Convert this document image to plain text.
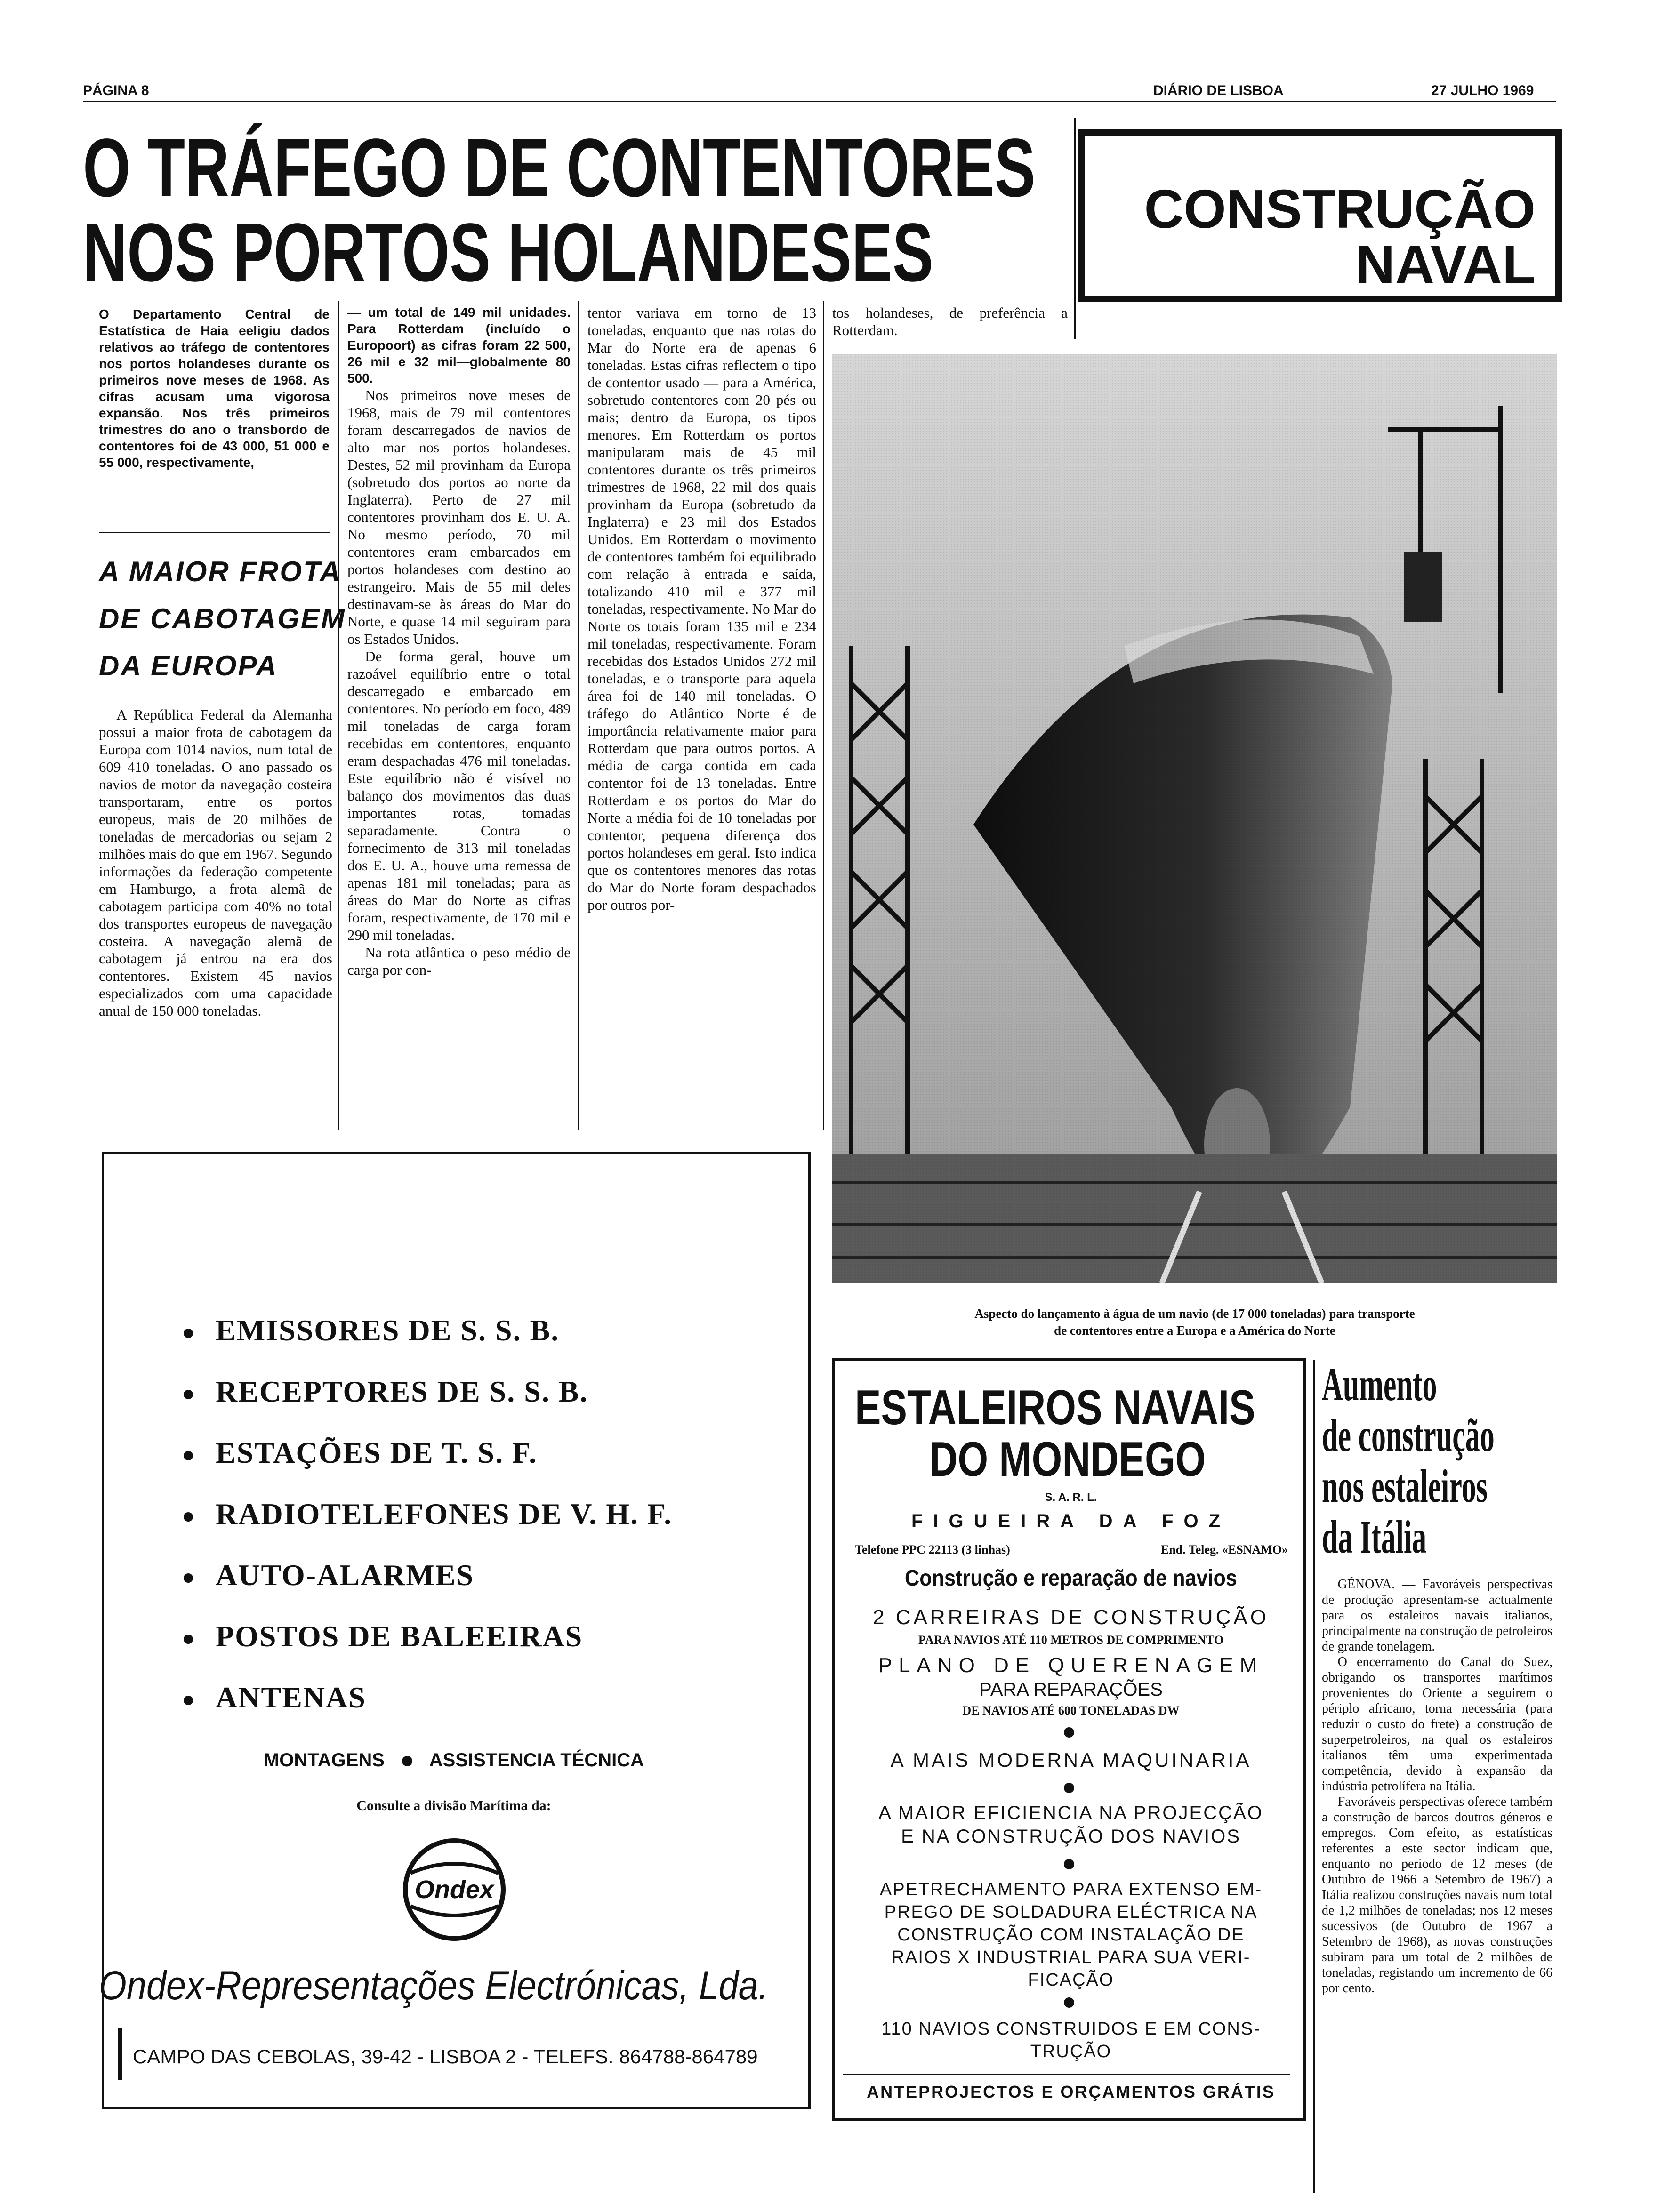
PÁGINA 8	DIÁRIO DE LISBOA	27 JULHO 1969
O TRÁFEGO DE CONTENTORES
NOS PORTOS HOLANDESES	CONSTRUÇÃO
NAVAL
O Departamento Central de Estatística de Haia eeligiu dados relativos ao tráfego de contentores nos portos holandeses durante os primeiros nove meses de 1968. As cifras acusam uma vigorosa expansão. Nos três primeiros trimestres do ano o transbordo de contentores foi de 43 000, 51 000 e 55 000, respectivamente,
A MAIOR FROTA
DE CABOTAGEM
DA EUROPA

A República Federal da Alemanha possui a maior frota de cabotagem da Europa com 1014 navios, num total de 609 410 toneladas. O ano passado os navios de motor da navegação costeira transportaram, entre os portos europeus, mais de 20 milhões de toneladas de mercadorias ou sejam 2 milhões mais do que em 1967. Segundo informações da federação competente em Hamburgo, a frota alemã de cabotagem participa com 40% no total dos transportes europeus de navegação costeira. A navegação alemã de cabotagem já entrou na era dos contentores. Existem 45 navios especializados com uma capacidade anual de 150 000 toneladas.

— um total de 149 mil unidades. Para Rotterdam (incluído o Europoort) as cifras foram 22 500, 26 mil e 32 mil—globalmente 80 500.

Nos primeiros nove meses de 1968, mais de 79 mil contentores foram descarregados de navios de alto mar nos portos holandeses. Destes, 52 mil provinham da Europa (sobretudo dos portos ao norte da Inglaterra). Perto de 27 mil contentores provinham dos E. U. A. No mesmo período, 70 mil contentores eram embarcados em portos holandeses com destino ao estrangeiro. Mais de 55 mil deles destinavam-se às áreas do Mar do Norte, e quase 14 mil seguiram para os Estados Unidos.

De forma geral, houve um razoável equilíbrio entre o total descarregado e embarcado em contentores. No período em foco, 489 mil toneladas de carga foram recebidas em contentores, enquanto eram despachadas 476 mil toneladas. Este equilíbrio não é visível no balanço dos movimentos das duas importantes rotas, tomadas separadamente. Contra o fornecimento de 313 mil toneladas dos E. U. A., houve uma remessa de apenas 181 mil toneladas; para as áreas do Mar do Norte as cifras foram, respectivamente, de 170 mil e 290 mil toneladas.

Na rota atlântica o peso médio de carga por con-

tentor variava em torno de 13 toneladas, enquanto que nas rotas do Mar do Norte era de apenas 6 toneladas. Estas cifras reflectem o tipo de contentor usado — para a América, sobretudo contentores com 20 pés ou mais; dentro da Europa, os tipos menores. Em Rotterdam os portos manipularam mais de 45 mil contentores durante os três primeiros trimestres de 1968, 22 mil dos quais provinham da Europa (sobretudo da Inglaterra) e 23 mil dos Estados Unidos. Em Rotterdam o movimento de contentores também foi equilibrado com relação à entrada e saída, totalizando 410 mil e 377 mil toneladas, respectivamente. No Mar do Norte os totais foram 135 mil e 234 mil toneladas, respectivamente. Foram recebidas dos Estados Unidos 272 mil toneladas, e o transporte para aquela área foi de 140 mil toneladas. O tráfego do Atlântico Norte é de importância relativamente maior para Rotterdam que para outros portos. A média de carga contida em cada contentor foi de 13 toneladas. Entre Rotterdam e os portos do Mar do Norte a média foi de 10 toneladas por contentor, pequena diferença dos portos holandeses em geral. Isto indica que os contentores menores das rotas do Mar do Norte foram despachados por outros por-

tos holandeses, de preferência a Rotterdam.

Aspecto do lançamento à água de um navio (de 17 000 toneladas) para transporte
de contentores entre a Europa e a América do Norte
EMISSORES DE S. S. B.
RECEPTORES DE S. S. B.
ESTAÇÕES DE T. S. F.
RADIOTELEFONES DE V. H. F.
AUTO-ALARMES
POSTOS DE BALEEIRAS
ANTENAS
MONTAGENS ASSISTENCIA TÉCNICA
Consulte a divisão Marítima da:
Ondex
Ondex-Representações Electrónicas, Lda.
CAMPO DAS CEBOLAS, 39-42 - LISBOA 2 - TELEFS. 864788-864789
ESTALEIROS NAVAIS
DO MONDEGO
S. A. R. L.
FIGUEIRA DA FOZ
Telefone PPC 22113 (3 linhas)	End. Teleg. «ESNAMO»
Construção e reparação de navios
2 CARREIRAS DE CONSTRUÇÃO
PARA NAVIOS ATÉ 110 METROS DE COMPRIMENTO
PLANO DE QUERENAGEM
PARA REPARAÇÕES
DE NAVIOS ATÉ 600 TONELADAS DW
A MAIS MODERNA MAQUINARIA
A MAIOR EFICIENCIA NA PROJECÇÃO
E NA CONSTRUÇÃO DOS NAVIOS
APETRECHAMENTO PARA EXTENSO EM-
PREGO DE SOLDADURA ELÉCTRICA NA
CONSTRUÇÃO COM INSTALAÇÃO DE
RAIOS X INDUSTRIAL PARA SUA VERI-
FICAÇÃO
110 NAVIOS CONSTRUIDOS E EM CONS-
TRUÇÃO
ANTEPROJECTOS E ORÇAMENTOS GRÁTIS
Aumento
de construção
nos estaleiros
da Itália

GÉNOVA. — Favoráveis perspectivas de produção apresentam-se actualmente para os estaleiros navais italianos, principalmente na construção de petroleiros de grande tonelagem.

O encerramento do Canal do Suez, obrigando os transportes marítimos provenientes do Oriente a seguirem o périplo africano, torna necessária (para reduzir o custo do frete) a construção de superpetroleiros, na qual os estaleiros italianos têm uma experimentada competência, devido à expansão da indústria petrolífera na Itália.

Favoráveis perspectivas oferece também a construção de barcos doutros géneros e empregos. Com efeito, as estatísticas referentes a este sector indicam que, enquanto no período de 12 meses (de Outubro de 1966 a Setembro de 1967) a Itália realizou construções navais num total de 1,2 milhões de toneladas; nos 12 meses sucessivos (de Outubro de 1967 a Setembro de 1968), as novas construções subiram para um total de 2 milhões de toneladas, registando um incremento de 66 por cento.
